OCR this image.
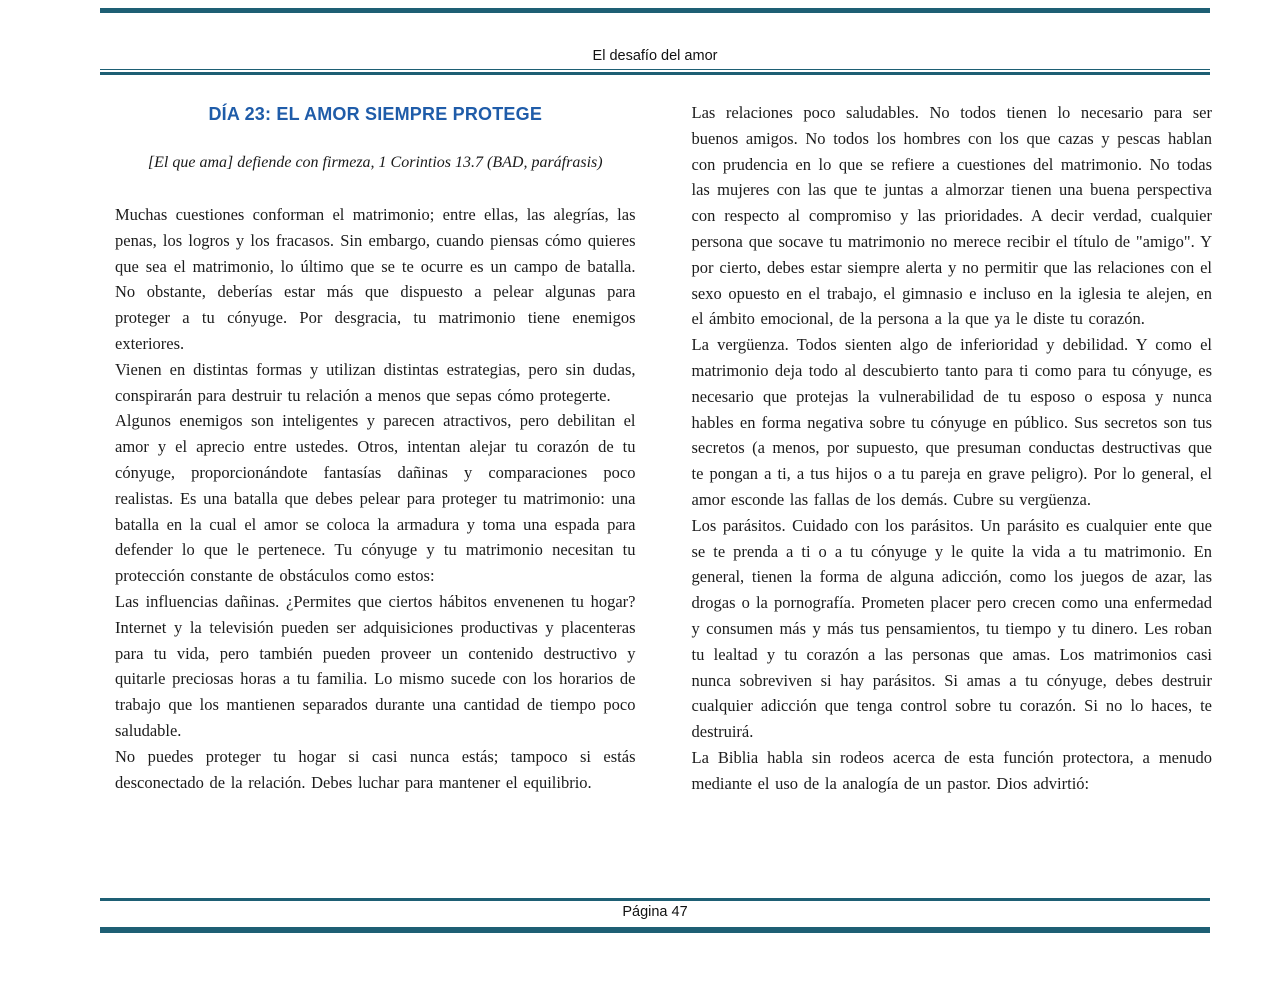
El desafío del amor
DÍA 23: EL AMOR SIEMPRE PROTEGE
[El que ama] defiende con firmeza, 1 Corintios 13.7 (BAD, paráfrasis)

Muchas cuestiones conforman el matrimonio; entre ellas, las alegrías, las penas, los logros y los fracasos. Sin embargo, cuando piensas cómo quieres que sea el matrimonio, lo último que se te ocurre es un campo de batalla. No obstante, deberías estar más que dispuesto a pelear algunas para proteger a tu cónyuge. Por desgracia, tu matrimonio tiene enemigos exteriores.

Vienen en distintas formas y utilizan distintas estrategias, pero sin dudas, conspirarán para destruir tu relación a menos que sepas cómo protegerte.

Algunos enemigos son inteligentes y parecen atractivos, pero debilitan el amor y el aprecio entre ustedes. Otros, intentan alejar tu corazón de tu cónyuge, proporcionándote fantasías dañinas y comparaciones poco realistas. Es una batalla que debes pelear para proteger tu matrimonio: una batalla en la cual el amor se coloca la armadura y toma una espada para defender lo que le pertenece. Tu cónyuge y tu matrimonio necesitan tu protección constante de obstáculos como estos:

Las influencias dañinas. ¿Permites que ciertos hábitos envenenen tu hogar? Internet y la televisión pueden ser adquisiciones productivas y placenteras para tu vida, pero también pueden proveer un contenido destructivo y quitarle preciosas horas a tu familia. Lo mismo sucede con los horarios de trabajo que los mantienen separados durante una cantidad de tiempo poco saludable.

No puedes proteger tu hogar si casi nunca estás; tampoco si estás desconectado de la relación. Debes luchar para mantener el equilibrio.

Las relaciones poco saludables. No todos tienen lo necesario para ser buenos amigos. No todos los hombres con los que cazas y pescas hablan con prudencia en lo que se refiere a cuestiones del matrimonio. No todas las mujeres con las que te juntas a almorzar tienen una buena perspectiva con respecto al compromiso y las prioridades. A decir verdad, cualquier persona que socave tu matrimonio no merece recibir el título de "amigo". Y por cierto, debes estar siempre alerta y no permitir que las relaciones con el sexo opuesto en el trabajo, el gimnasio e incluso en la iglesia te alejen, en el ámbito emocional, de la persona a la que ya le diste tu corazón.

La vergüenza. Todos sienten algo de inferioridad y debilidad. Y como el matrimonio deja todo al descubierto tanto para ti como para tu cónyuge, es necesario que protejas la vulnerabilidad de tu esposo o esposa y nunca hables en forma negativa sobre tu cónyuge en público. Sus secretos son tus secretos (a menos, por supuesto, que presuman conductas destructivas que te pongan a ti, a tus hijos o a tu pareja en grave peligro). Por lo general, el amor esconde las fallas de los demás. Cubre su vergüenza.

Los parásitos. Cuidado con los parásitos. Un parásito es cualquier ente que se te prenda a ti o a tu cónyuge y le quite la vida a tu matrimonio. En general, tienen la forma de alguna adicción, como los juegos de azar, las drogas o la pornografía. Prometen placer pero crecen como una enfermedad y consumen más y más tus pensamientos, tu tiempo y tu dinero. Les roban tu lealtad y tu corazón a las personas que amas. Los matrimonios casi nunca sobreviven si hay parásitos. Si amas a tu cónyuge, debes destruir cualquier adicción que tenga control sobre tu corazón. Si no lo haces, te destruirá.

La Biblia habla sin rodeos acerca de esta función protectora, a menudo mediante el uso de la analogía de un pastor. Dios advirtió:

Página 47
